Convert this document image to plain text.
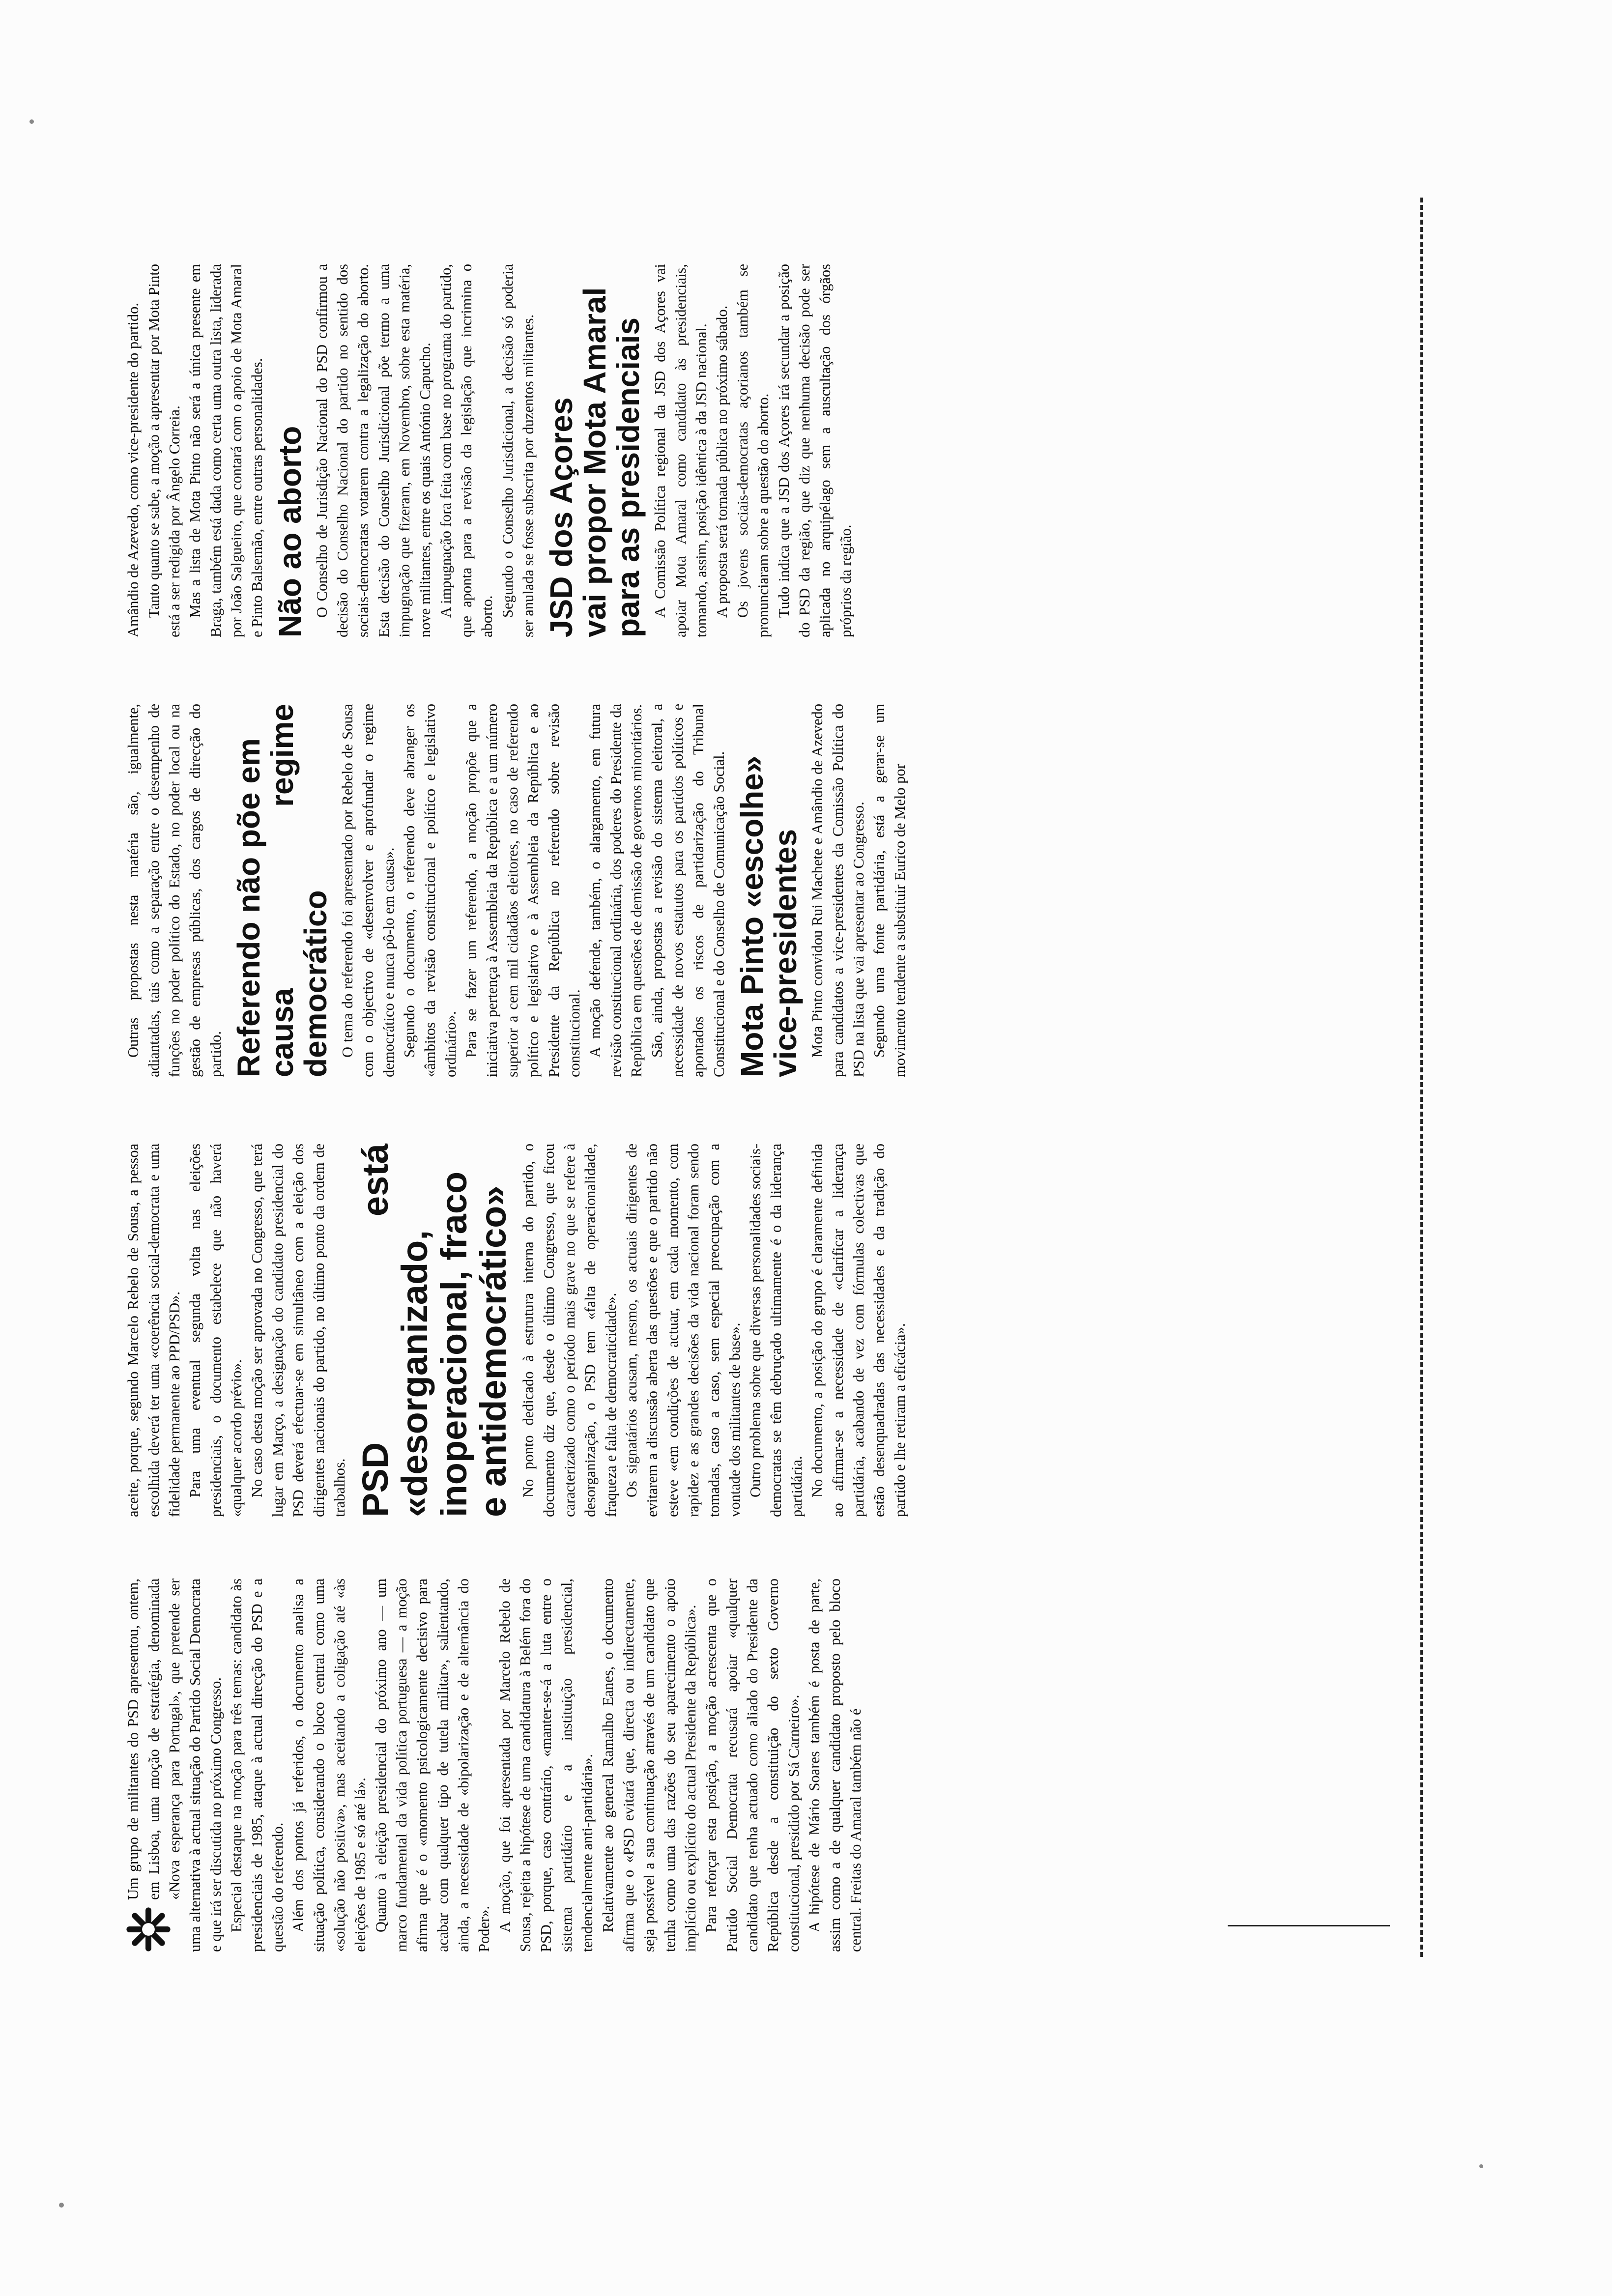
Um grupo de militantes do PSD apresentou, ontem, em Lisboa, uma moção de estratégia, denominada «Nova esperança para Portugal», que pretende ser uma alternativa à actual situação do Partido Social Democrata e que irá ser discutida no próximo Congresso. Especial destaque na moção para três temas: candidato às presidenciais de 1985, ataque à actual direcção do PSD e a questão do referendo. Além dos pontos já referidos, o documento analisa a situação política, considerando o bloco central como uma «solução não positiva», mas aceitando a coligação até «às eleições de 1985 e só até lá». Quanto à eleição presidencial do próximo ano — um marco fundamental da vida política portuguesa — a moção afirma que é o «momento psicologicamente decisivo para acabar com qualquer tipo de tutela militar», salientando, ainda, a necessidade de «bipolarização e de alternância do Poder». A moção, que foi apresentada por Marcelo Rebelo de Sousa, rejeita a hipótese de uma candidatura à Belém fora do PSD, porque, caso contrário, «manter-se-á a luta entre o sistema partidário e a instituição presidencial, tendencialmente anti-partidária». Relativamente ao general Ramalho Eanes, o documento afirma que o «PSD evitará que, directa ou indirectamente, seja possível a sua continuação através de um candidato que tenha como uma das razões do seu aparecimento o apoio implícito ou explícito do actual Presidente da República». Para reforçar esta posição, a moção acrescenta que o Partido Social Democrata recusará apoiar «qualquer candidato que tenha actuado como aliado do Presidente da República desde a constituição do sexto Governo constitucional, presidido por Sá Carneiro». A hipótese de Mário Soares também é posta de parte, assim como a de qualquer candidato proposto pelo bloco central. Freitas do Amaral também não é

aceite, porque, segundo Marcelo Rebelo de Sousa, a pessoa escolhida deverá ter uma «coerência social-democrata e uma fidelidade permanente ao PPD/PSD». Para uma eventual segunda volta nas eleições presidenciais, o documento estabelece que não haverá «qualquer acordo prévio». No caso desta moção ser aprovada no Congresso, que terá lugar em Março, a designação do candidato presidencial do PSD deverá efectuar-se em simultâneo com a eleição dos dirigentes nacionais do partido, no último ponto da ordem de trabalhos. PSD está «desorganizado,
inoperacional, fraco
e antidemocrático» No ponto dedicado à estrutura interna do partido, o documento diz que, desde o último Congresso, que ficou caracterizado como o período mais grave no que se refere à desorganização, o PSD tem «falta de operacionalidade, fraqueza e falta de democraticidade». Os signatários acusam, mesmo, os actuais dirigentes de evitarem a discussão aberta das questões e que o partido não esteve «em condições de actuar, em cada momento, com rapidez e as grandes decisões da vida nacional foram sendo tomadas, caso a caso, sem especial preocupação com a vontade dos militantes de base». Outro problema sobre que diversas personalidades sociais-democratas se têm debruçado ultimamente é o da liderança partidária. No documento, a posição do grupo é claramente definida ao afirmar-se a necessidade de «clarificar a liderança partidária, acabando de vez com fórmulas colectivas que estão desenquadradas das necessidades e da tradição do partido e lhe retiram a eficácia».

Outras propostas nesta matéria são, igualmente, adiantadas, tais como a separação entre o desempenho de funções no poder político do Estado, no poder local ou na gestão de empresas públicas, dos cargos de direcção do partido. Referendo não põe em
causa regime democrático O tema do referendo foi apresentado por Rebelo de Sousa com o objectivo de «desenvolver e aprofundar o regime democrático e nunca pô-lo em causa». Segundo o documento, o referendo deve abranger os «âmbitos da revisão constitucional e político e legislativo ordinário». Para se fazer um referendo, a moção propõe que a iniciativa pertença à Assembleia da República e a um número superior a cem mil cidadãos eleitores, no caso de referendo político e legislativo e à Assembleia da República e ao Presidente da República no referendo sobre revisão constitucional. A moção defende, também, o alargamento, em futura revisão constitucional ordinária, dos poderes do Presidente da República em questões de demissão de governos minoritários. São, ainda, propostas a revisão do sistema eleitoral, a necessidade de novos estatutos para os partidos políticos e apontados os riscos de partidarização do Tribunal Constitucional e do Conselho de Comunicação Social. Mota Pinto «escolhe»
vice-presidentes Mota Pinto convidou Rui Machete e Amândio de Azevedo para candidatos a vice-presidentes da Comissão Política do PSD na lista que vai apresentar ao Congresso. Segundo uma fonte partidária, está a gerar-se um movimento tendente a substituir Eurico de Melo por

Amândio de Azevedo, como vice-presidente do partido. Tanto quanto se sabe, a moção a apresentar por Mota Pinto está a ser redigida por Ângelo Correia. Mas a lista de Mota Pinto não será a única presente em Braga, também está dada como certa uma outra lista, liderada por João Salgueiro, que contará com o apoio de Mota Amaral e Pinto Balsemão, entre outras personalidades. Não ao aborto O Conselho de Jurisdição Nacional do PSD confirmou a decisão do Conselho Nacional do partido no sentido dos sociais-democratas votarem contra a legalização do aborto. Esta decisão do Conselho Jurisdicional põe termo a uma impugnação que fizeram, em Novembro, sobre esta matéria, nove militantes, entre os quais António Capucho. A impugnação fora feita com base no programa do partido, que aponta para a revisão da legislação que incrimina o aborto. Segundo o Conselho Jurisdicional, a decisão só poderia ser anulada se fosse subscrita por duzentos militantes. JSD dos Açores
vai propor Mota Amaral
para as presidenciais A Comissão Política regional da JSD dos Açores vai apoiar Mota Amaral como candidato às presidenciais, tomando, assim, posição idêntica à da JSD nacional. A proposta será tornada pública no próximo sábado. Os jovens sociais-democratas açorianos também se pronunciaram sobre a questão do aborto. Tudo indica que a JSD dos Açores irá secundar a posição do PSD da região, que diz que nenhuma decisão pode ser aplicada no arquipélago sem a auscultação dos órgãos próprios da região.
